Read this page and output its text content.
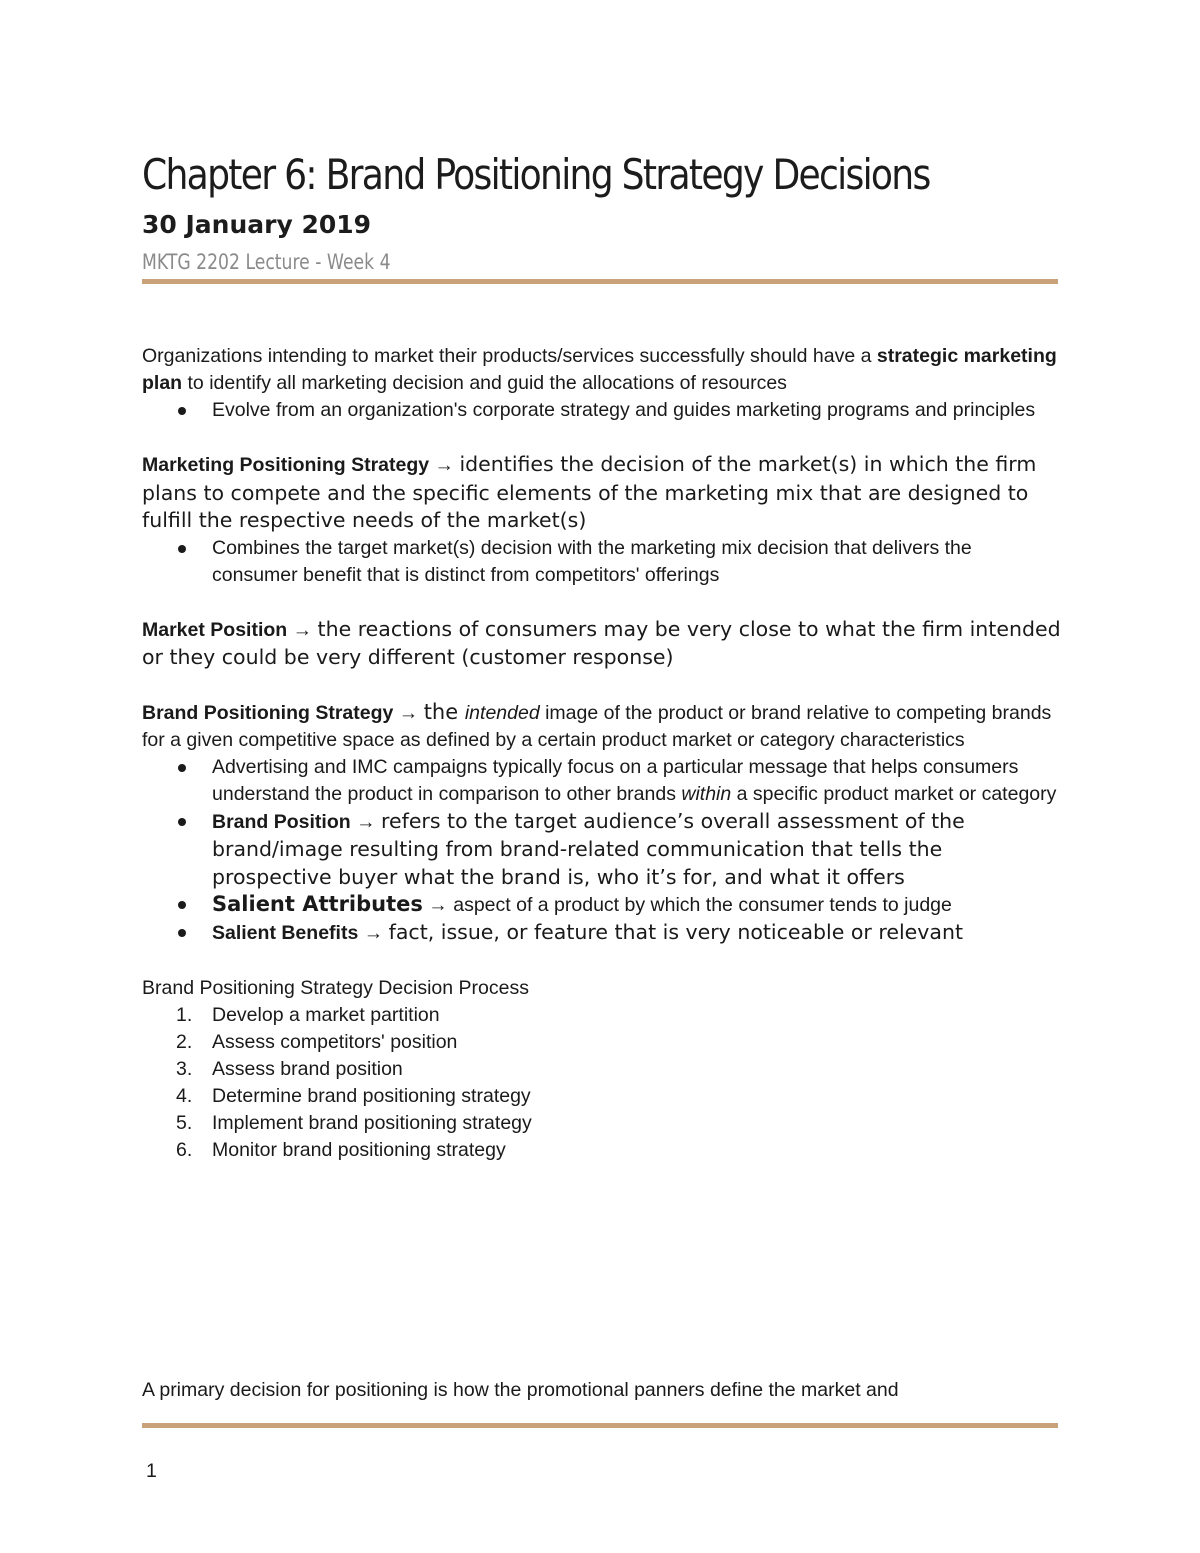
Chapter 6: Brand Positioning Strategy Decisions
30 January 2019
MKTG 2202 Lecture - Week 4

Organizations intending to market their products/services successfully should have a strategic marketing plan to identify all marketing decision and guid the allocations of resources

Evolve from an organization's corporate strategy and guides marketing programs and principles

Marketing Positioning Strategy → identifies the decision of the market(s) in which the firm plans to compete and the specific elements of the marketing mix that are designed to fulfill the respective needs of the market(s)

Combines the target market(s) decision with the marketing mix decision that delivers the consumer benefit that is distinct from competitors' offerings

Market Position → the reactions of consumers may be very close to what the firm intended or they could be very different (customer response)

Brand Positioning Strategy → the intended image of the product or brand relative to competing brands for a given competitive space as defined by a certain product market or category characteristics

Advertising and IMC campaigns typically focus on a particular message that helps consumers understand the product in comparison to other brands within a specific product market or category
Brand Position → refers to the target audience’s overall assessment of the brand/image resulting from brand-related communication that tells the prospective buyer what the brand is, who it’s for, and what it offers
Salient Attributes → aspect of a product by which the consumer tends to judge
Salient Benefits → fact, issue, or feature that is very noticeable or relevant

Brand Positioning Strategy Decision Process

1. Develop a market partition
2. Assess competitors' position
3. Assess brand position
4. Determine brand positioning strategy
5. Implement brand positioning strategy
6. Monitor brand positioning strategy

A primary decision for positioning is how the promotional panners define the market and

1
